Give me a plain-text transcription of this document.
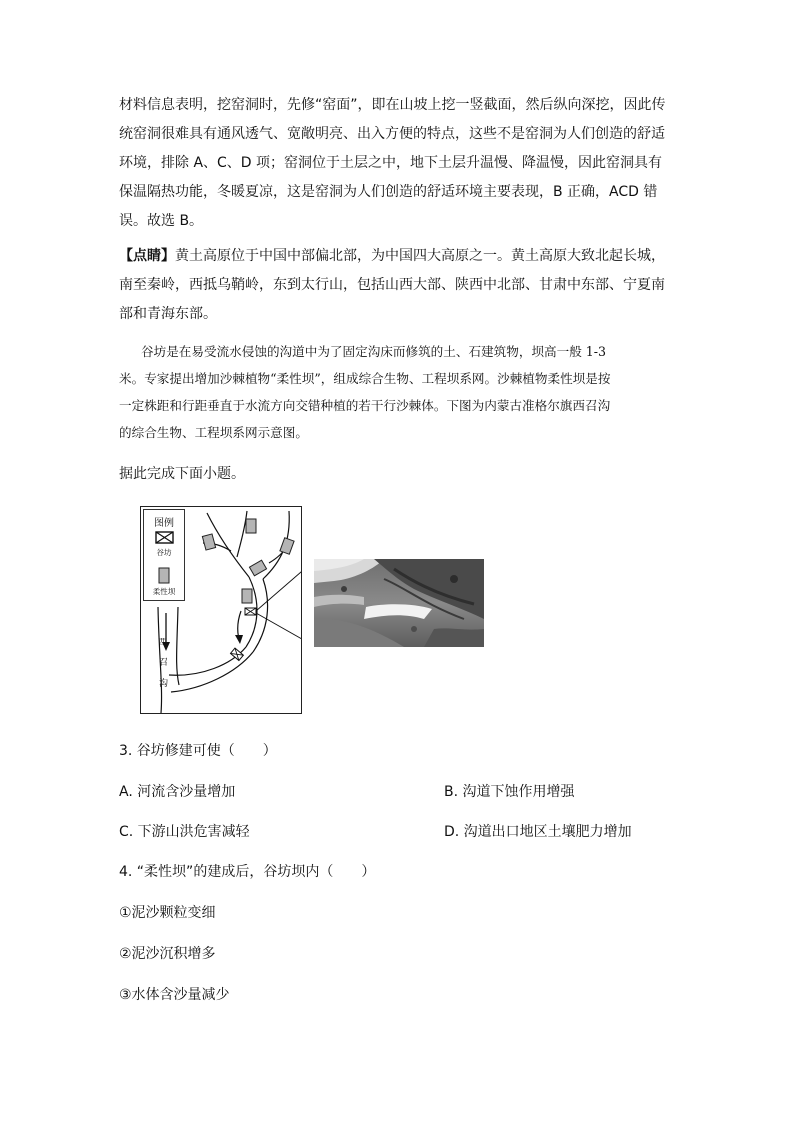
材料信息表明，挖窑洞时，先修“窑面”，即在山坡上挖一竖截面，然后纵向深挖，因此传

统窑洞很难具有通风透气、宽敞明亮、出入方便的特点，这些不是窑洞为人们创造的舒适

环境，排除 A、C、D 项；窑洞位于土层之中，地下土层升温慢、降温慢，因此窑洞具有

保温隔热功能，冬暖夏凉，这是窑洞为人们创造的舒适环境主要表现，B 正确，ACD 错

误。故选 B。

【点睛】黄土高原位于中国中部偏北部，为中国四大高原之一。黄土高原大致北起长城，

南至秦岭，西抵乌鞘岭，东到太行山，包括山西大部、陕西中北部、甘肃中东部、宁夏南

部和青海东部。

谷坊是在易受流水侵蚀的沟道中为了固定沟床而修筑的土、石建筑物，坝高一般 1-3

米。专家提出增加沙棘植物“柔性坝”，组成综合生物、工程坝系网。沙棘植物柔性坝是按

一定株距和行距垂直于水流方向交错种植的若干行沙棘体。下图为内蒙古准格尔旗西召沟

的综合生物、工程坝系网示意图。

据此完成下面小题。

图例
谷坊
柔性坝
西
召
沟

3. 谷坊修建可使（　　）

A. 河流含沙量增加	B. 沟道下蚀作用增强

C. 下游山洪危害减轻	D. 沟道出口地区土壤肥力增加

4. “柔性坝”的建成后，谷坊坝内（　　）

①泥沙颗粒变细

②泥沙沉积增多

③水体含沙量减少
